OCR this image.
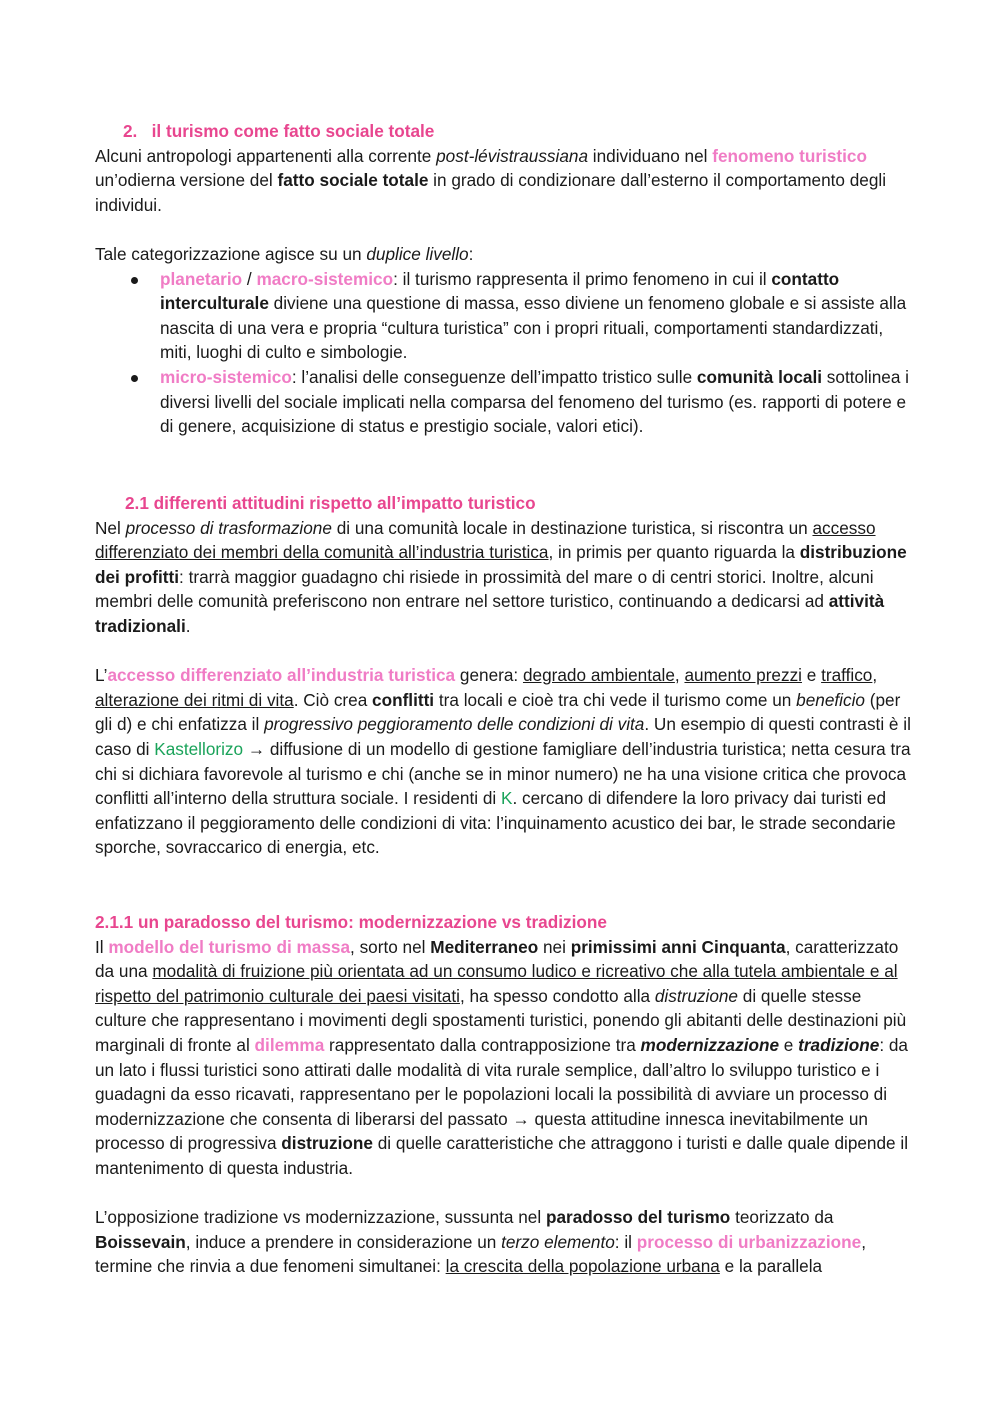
2.   il turismo come fatto sociale totale

Alcuni antropologi appartenenti alla corrente post-lévistraussiana individuano nel fenomeno turistico un’odierna versione del fatto sociale totale in grado di condizionare dall’esterno il comportamento degli individui.

Tale categorizzazione agisce su un duplice livello:

planetario / macro-sistemico: il turismo rappresenta il primo fenomeno in cui il contatto interculturale diviene una questione di massa, esso diviene un fenomeno globale e si assiste alla nascita di una vera e propria “cultura turistica” con i propri rituali, comportamenti standardizzati, miti, luoghi di culto e simbologie.
micro-sistemico: l’analisi delle conseguenze dell’impatto tristico sulle comunità locali sottolinea i diversi livelli del sociale implicati nella comparsa del fenomeno del turismo (es. rapporti di potere e di genere, acquisizione di status e prestigio sociale, valori etici).

2.1 differenti attitudini rispetto all’impatto turistico

Nel processo di trasformazione di una comunità locale in destinazione turistica, si riscontra un accesso differenziato dei membri della comunità all’industria turistica, in primis per quanto riguarda la distribuzione dei profitti: trarrà maggior guadagno chi risiede in prossimità del mare o di centri storici. Inoltre, alcuni membri delle comunità preferiscono non entrare nel settore turistico, continuando a dedicarsi ad attività tradizionali.

L’accesso differenziato all’industria turistica genera: degrado ambientale, aumento prezzi e traffico, alterazione dei ritmi di vita. Ciò crea conflitti tra locali e cioè tra chi vede il turismo come un beneficio (per gli d) e chi enfatizza il progressivo peggioramento delle condizioni di vita. Un esempio di questi contrasti è il caso di Kastellorizo → diffusione di un modello di gestione famigliare dell’industria turistica; netta cesura tra chi si dichiara favorevole al turismo e chi (anche se in minor numero) ne ha una visione critica che provoca conflitti all’interno della struttura sociale. I residenti di K. cercano di difendere la loro privacy dai turisti ed enfatizzano il peggioramento delle condizioni di vita: l’inquinamento acustico dei bar, le strade secondarie sporche, sovraccarico di energia, etc.

2.1.1 un paradosso del turismo: modernizzazione vs tradizione

Il modello del turismo di massa, sorto nel Mediterraneo nei primissimi anni Cinquanta, caratterizzato da una modalità di fruizione più orientata ad un consumo ludico e ricreativo che alla tutela ambientale e al rispetto del patrimonio culturale dei paesi visitati, ha spesso condotto alla distruzione di quelle stesse culture che rappresentano i movimenti degli spostamenti turistici, ponendo gli abitanti delle destinazioni più marginali di fronte al dilemma rappresentato dalla contrapposizione tra modernizzazione e tradizione: da un lato i flussi turistici sono attirati dalle modalità di vita rurale semplice, dall’altro lo sviluppo turistico e i guadagni da esso ricavati, rappresentano per le popolazioni locali la possibilità di avviare un processo di modernizzazione che consenta di liberarsi del passato → questa attitudine innesca inevitabilmente un processo di progressiva distruzione di quelle caratteristiche che attraggono i turisti e dalle quale dipende il mantenimento di questa industria.

L’opposizione tradizione vs modernizzazione, sussunta nel paradosso del turismo teorizzato da Boissevain, induce a prendere in considerazione un terzo elemento: il processo di urbanizzazione, termine che rinvia a due fenomeni simultanei: la crescita della popolazione urbana e la parallela
